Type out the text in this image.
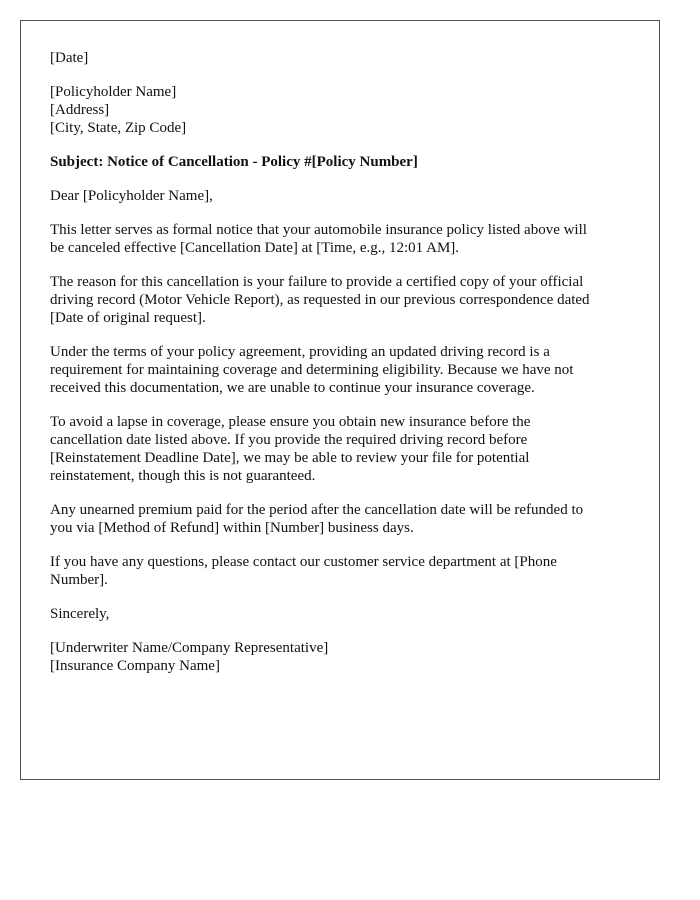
[Date]
[Policyholder Name]
[Address]
[City, State, Zip Code]
Subject: Notice of Cancellation - Policy #[Policy Number]
Dear [Policyholder Name],
This letter serves as formal notice that your automobile insurance policy listed above will
be canceled effective [Cancellation Date] at [Time, e.g., 12:01 AM].
The reason for this cancellation is your failure to provide a certified copy of your official
driving record (Motor Vehicle Report), as requested in our previous correspondence dated
[Date of original request].
Under the terms of your policy agreement, providing an updated driving record is a
requirement for maintaining coverage and determining eligibility. Because we have not
received this documentation, we are unable to continue your insurance coverage.
To avoid a lapse in coverage, please ensure you obtain new insurance before the
cancellation date listed above. If you provide the required driving record before
[Reinstatement Deadline Date], we may be able to review your file for potential
reinstatement, though this is not guaranteed.
Any unearned premium paid for the period after the cancellation date will be refunded to
you via [Method of Refund] within [Number] business days.
If you have any questions, please contact our customer service department at [Phone
Number].
Sincerely,
[Underwriter Name/Company Representative]
[Insurance Company Name]
